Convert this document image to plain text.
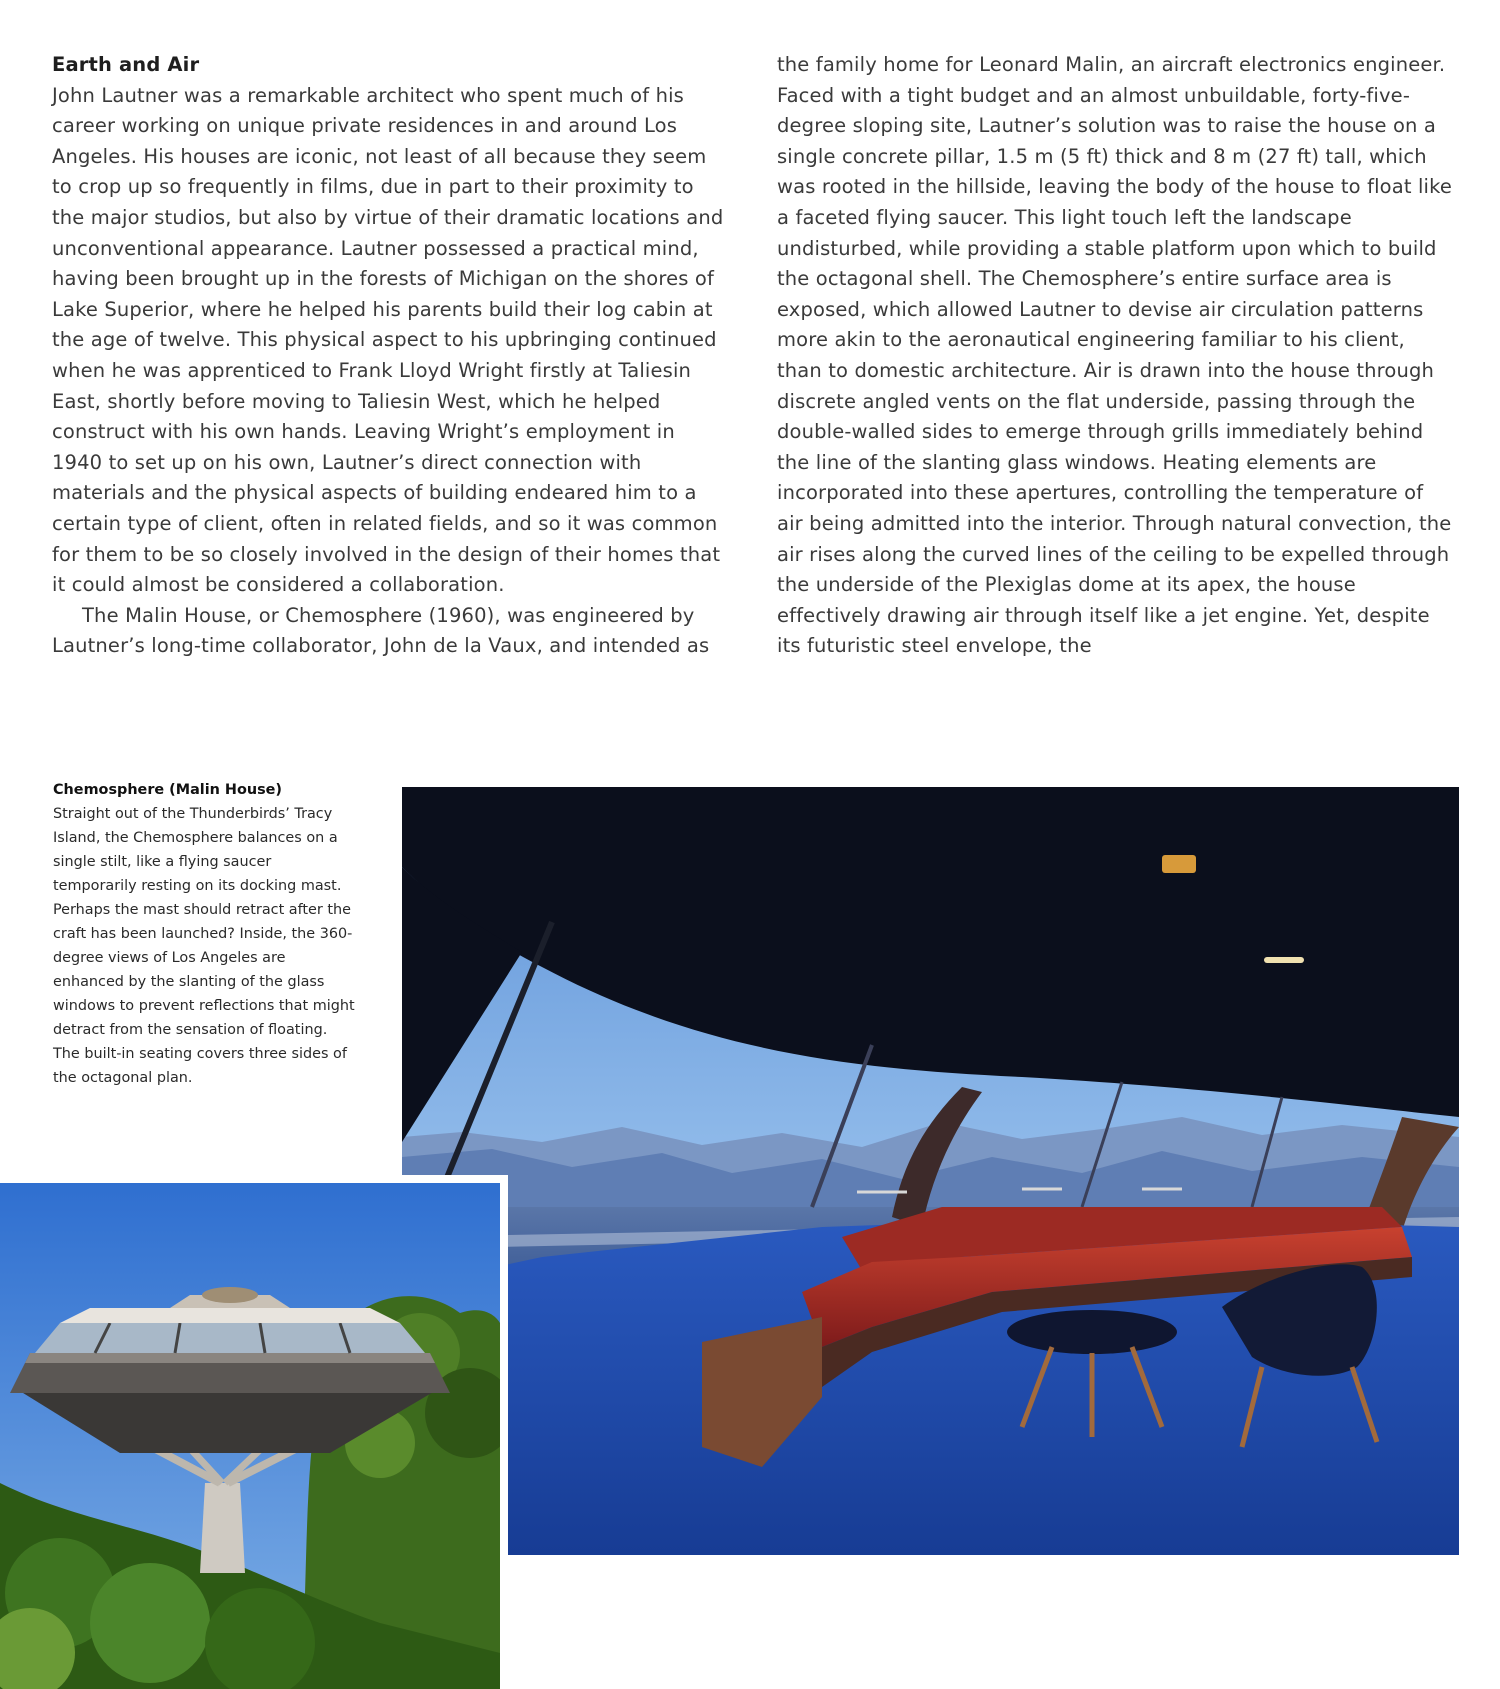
Earth and Air

John Lautner was a remarkable architect who spent much of his career working on unique private residences in and around Los Angeles. His houses are iconic, not least of all because they seem to crop up so frequently in films, due in part to their proximity to the major studios, but also by virtue of their dramatic locations and unconventional appearance. Lautner possessed a practical mind, having been brought up in the forests of Michigan on the shores of Lake Superior, where he helped his parents build their log cabin at the age of twelve. This physical aspect to his upbringing continued when he was apprenticed to Frank Lloyd Wright firstly at Taliesin East, shortly before moving to Taliesin West, which he helped construct with his own hands. Leaving Wright’s employment in 1940 to set up on his own, Lautner’s direct connection with materials and the physical aspects of building endeared him to a certain type of client, often in related fields, and so it was common for them to be so closely involved in the design of their homes that it could almost be considered a collaboration.

The Malin House, or Chemosphere (1960), was engineered by Lautner’s long-time collaborator, John de la Vaux, and intended as the family home for Leonard Malin, an aircraft electronics engineer. Faced with a tight budget and an almost unbuildable, forty-five-degree sloping site, Lautner’s solution was to raise the house on a single concrete pillar, 1.5 m (5 ft) thick and 8 m (27 ft) tall, which was rooted in the hillside, leaving the body of the house to float like a faceted flying saucer. This light touch left the landscape undisturbed, while providing a stable platform upon which to build the octagonal shell. The Chemosphere’s entire surface area is exposed, which allowed Lautner to devise air circulation patterns more akin to the aeronautical engineering familiar to his client, than to domestic architecture. Air is drawn into the house through discrete angled vents on the flat underside, passing through the double-walled sides to emerge through grills immediately behind the line of the slanting glass windows. Heating elements are incorporated into these apertures, controlling the temperature of air being admitted into the interior. Through natural convection, the air rises along the curved lines of the ceiling to be expelled through the underside of the Plexiglas dome at its apex, the house effectively drawing air through itself like a jet engine. Yet, despite its futuristic steel envelope, the

Chemosphere (Malin House)
Straight out of the Thunderbirds’ Tracy Island, the Chemosphere balances on a single stilt, like a flying saucer temporarily resting on its docking mast. Perhaps the mast should retract after the craft has been launched? Inside, the 360-degree views of Los Angeles are enhanced by the slanting of the glass windows to prevent reflections that might detract from the sensation of floating. The built-in seating covers three sides of the octagonal plan.
